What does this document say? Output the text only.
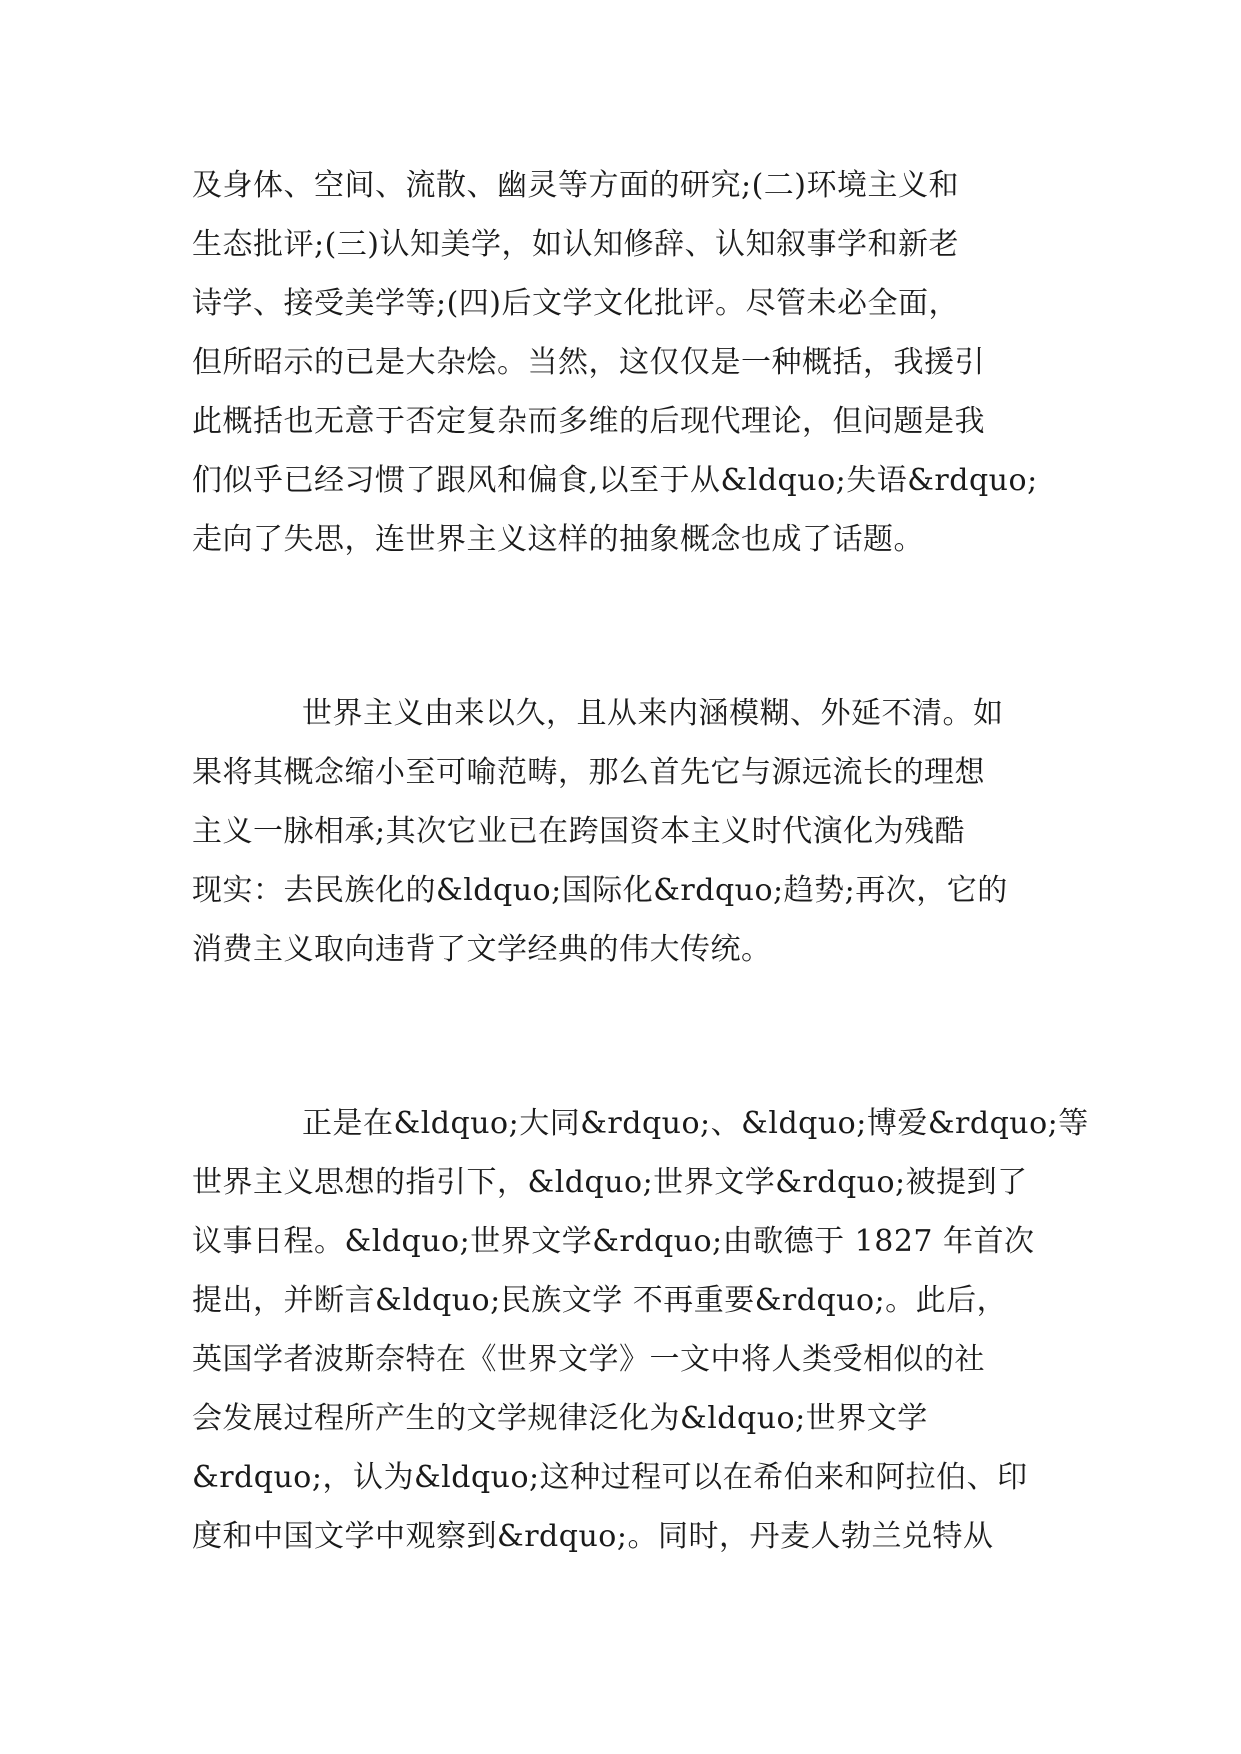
及身体、空间、流散、幽灵等方面的研究;(二)环境主义和
生态批评;(三)认知美学，如认知修辞、认知叙事学和新老
诗学、接受美学等;(四)后文学文化批评。尽管未必全面，
但所昭示的已是大杂烩。当然，这仅仅是一种概括，我援引
此概括也无意于否定复杂而多维的后现代理论，但问题是我
们似乎已经习惯了跟风和偏食,以至于从&ldquo;失语&rdquo;
走向了失思，连世界主义这样的抽象概念也成了话题。
世界主义由来以久，且从来内涵模糊、外延不清。如
果将其概念缩小至可喻范畴，那么首先它与源远流长的理想
主义一脉相承;其次它业已在跨国资本主义时代演化为残酷
现实：去民族化的&ldquo;国际化&rdquo;趋势;再次，它的
消费主义取向违背了文学经典的伟大传统。
正是在&ldquo;大同&rdquo;、&ldquo;博爱&rdquo;等
世界主义思想的指引下，&ldquo;世界文学&rdquo;被提到了
议事日程。&ldquo;世界文学&rdquo;由歌德于 1827 年首次
提出，并断言&ldquo;民族文学 不再重要&rdquo;。此后，
英国学者波斯奈特在《世界文学》一文中将人类受相似的社
会发展过程所产生的文学规律泛化为&ldquo;世界文学
&rdquo;，认为&ldquo;这种过程可以在希伯来和阿拉伯、印
度和中国文学中观察到&rdquo;。同时，丹麦人勃兰兑特从
